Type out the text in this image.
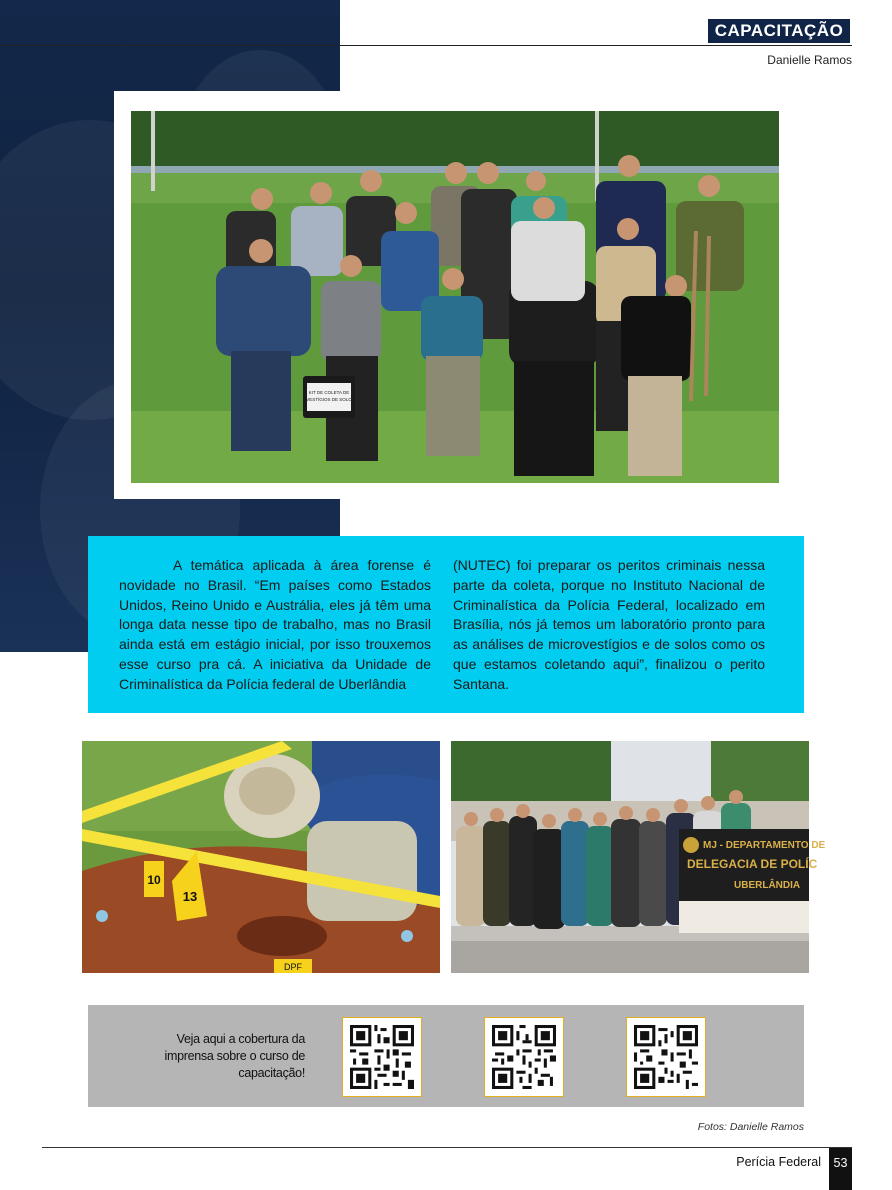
CAPACITAÇÃO
Danielle Ramos
KIT DE COLETA DE
VESTÍGIOS DE SOLO
A temática aplicada à área forense é novidade no Brasil. “Em países como Estados Unidos, Reino Unido e Austrália, eles já têm uma longa data nesse tipo de trabalho, mas no Brasil ainda está em estágio inicial, por isso trouxemos esse curso pra cá. A iniciativa da Unidade de Criminalística da Polícia federal de Uberlândia
(NUTEC) foi preparar os peritos criminais nessa parte da coleta, porque no Instituto Nacional de Criminalística da Polícia Federal, localizado em Brasília, nós já temos um laboratório pronto para as análises de microvestígios e de solos como os que estamos coletando aqui”, finalizou o perito Santana.
10
13
DPF
MJ - DEPARTAMENTO DE
DELEGACIA DE POLÍC
UBERLÂNDIA
Veja aqui a cobertura da imprensa sobre o curso de capacitação!
Fotos: Danielle Ramos
Perícia Federal	53
